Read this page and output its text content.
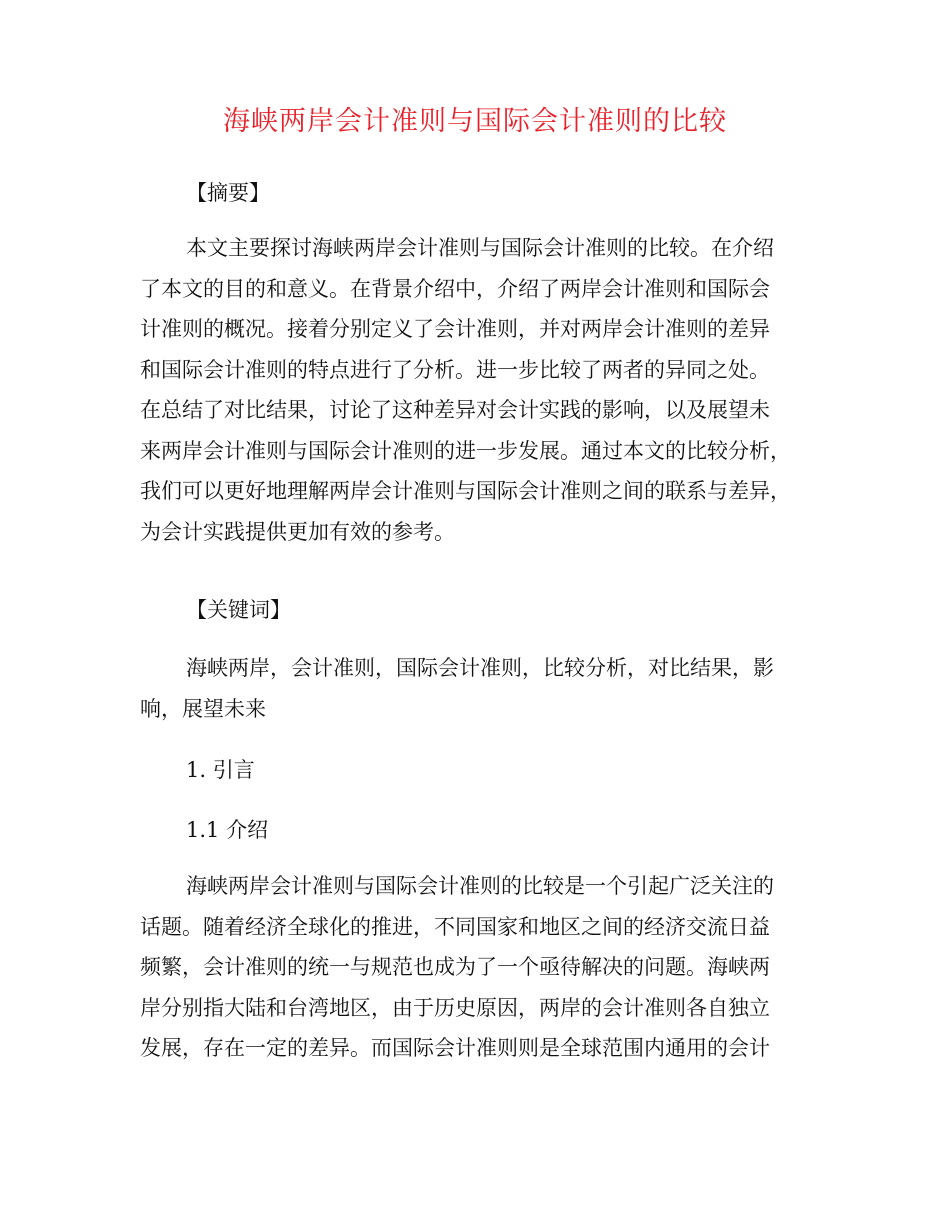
海峡两岸会计准则与国际会计准则的比较
【摘要】
本文主要探讨海峡两岸会计准则与国际会计准则的比较。在介绍
了本文的目的和意义。在背景介绍中，介绍了两岸会计准则和国际会
计准则的概况。接着分别定义了会计准则，并对两岸会计准则的差异
和国际会计准则的特点进行了分析。进一步比较了两者的异同之处。
在总结了对比结果，讨论了这种差异对会计实践的影响，以及展望未
来两岸会计准则与国际会计准则的进一步发展。通过本文的比较分析，
我们可以更好地理解两岸会计准则与国际会计准则之间的联系与差异，
为会计实践提供更加有效的参考。
【关键词】
海峡两岸，会计准则，国际会计准则，比较分析，对比结果，影
响，展望未来
1. 引言
1.1 介绍
海峡两岸会计准则与国际会计准则的比较是一个引起广泛关注的
话题。随着经济全球化的推进，不同国家和地区之间的经济交流日益
频繁，会计准则的统一与规范也成为了一个亟待解决的问题。海峡两
岸分别指大陆和台湾地区，由于历史原因，两岸的会计准则各自独立
发展，存在一定的差异。而国际会计准则则是全球范围内通用的会计
